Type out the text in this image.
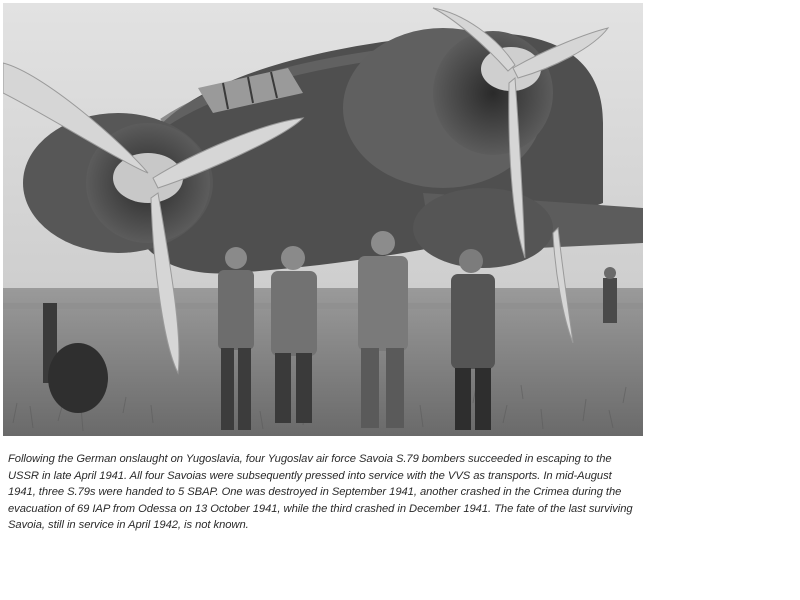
Following the German onslaught on Yugoslavia, four Yugoslav air force Savoia S.79 bombers succeeded in escaping to the USSR in late April 1941. All four Savoias were subsequently pressed into service with the VVS as transports. In mid-August 1941, three S.79s were handed to 5 SBAP. One was destroyed in September 1941, another crashed in the Crimea during the evacuation of 69 IAP from Odessa on 13 October 1941, while the third crashed in December 1941. The fate of the last surviving Savoia, still in service in April 1942, is not known.
